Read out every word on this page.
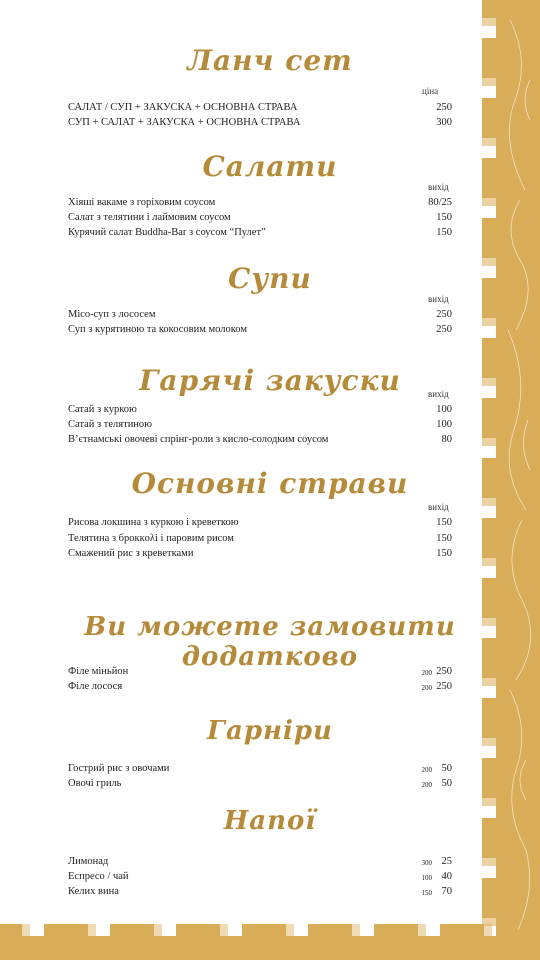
Ланч сет
ціна
САЛАТ / СУП + ЗАКУСКА + ОСНОВНА СТРАВА	250
СУП + САЛАТ + ЗАКУСКА + ОСНОВНА СТРАВА	300
Салати
вихід
Хіяші вакаме з горіховим соусом	80/25
Салат з телятини і лаймовим соусом	150
Курячий салат Buddha-Bar з соусом “Пулет”	150
Супи
вихід
Місо-суп з лососем	250
Суп з курятиною та кокосовим молоком	250
Гарячі закуски	вихід
Сатай з куркою	100
Сатай з телятиною	100
В’єтнамські овочеві спрінг-роли з кисло-солодким соусом	80
Основні страви
вихід
Рисова локшина з куркою і креветкою	150
Телятина з броккολі і паровим рисом	150
Смажений рис з креветками	150
Ви можете замовити додатково
Філе міньйон	200 250
Філе лосося	200 250
Гарніри
Гострий рис з овочами	200 50
Овочі гриль	200 50
Напої
Лимонад	300 25
Еспресо / чай	100 40
Келих вина	150 70
